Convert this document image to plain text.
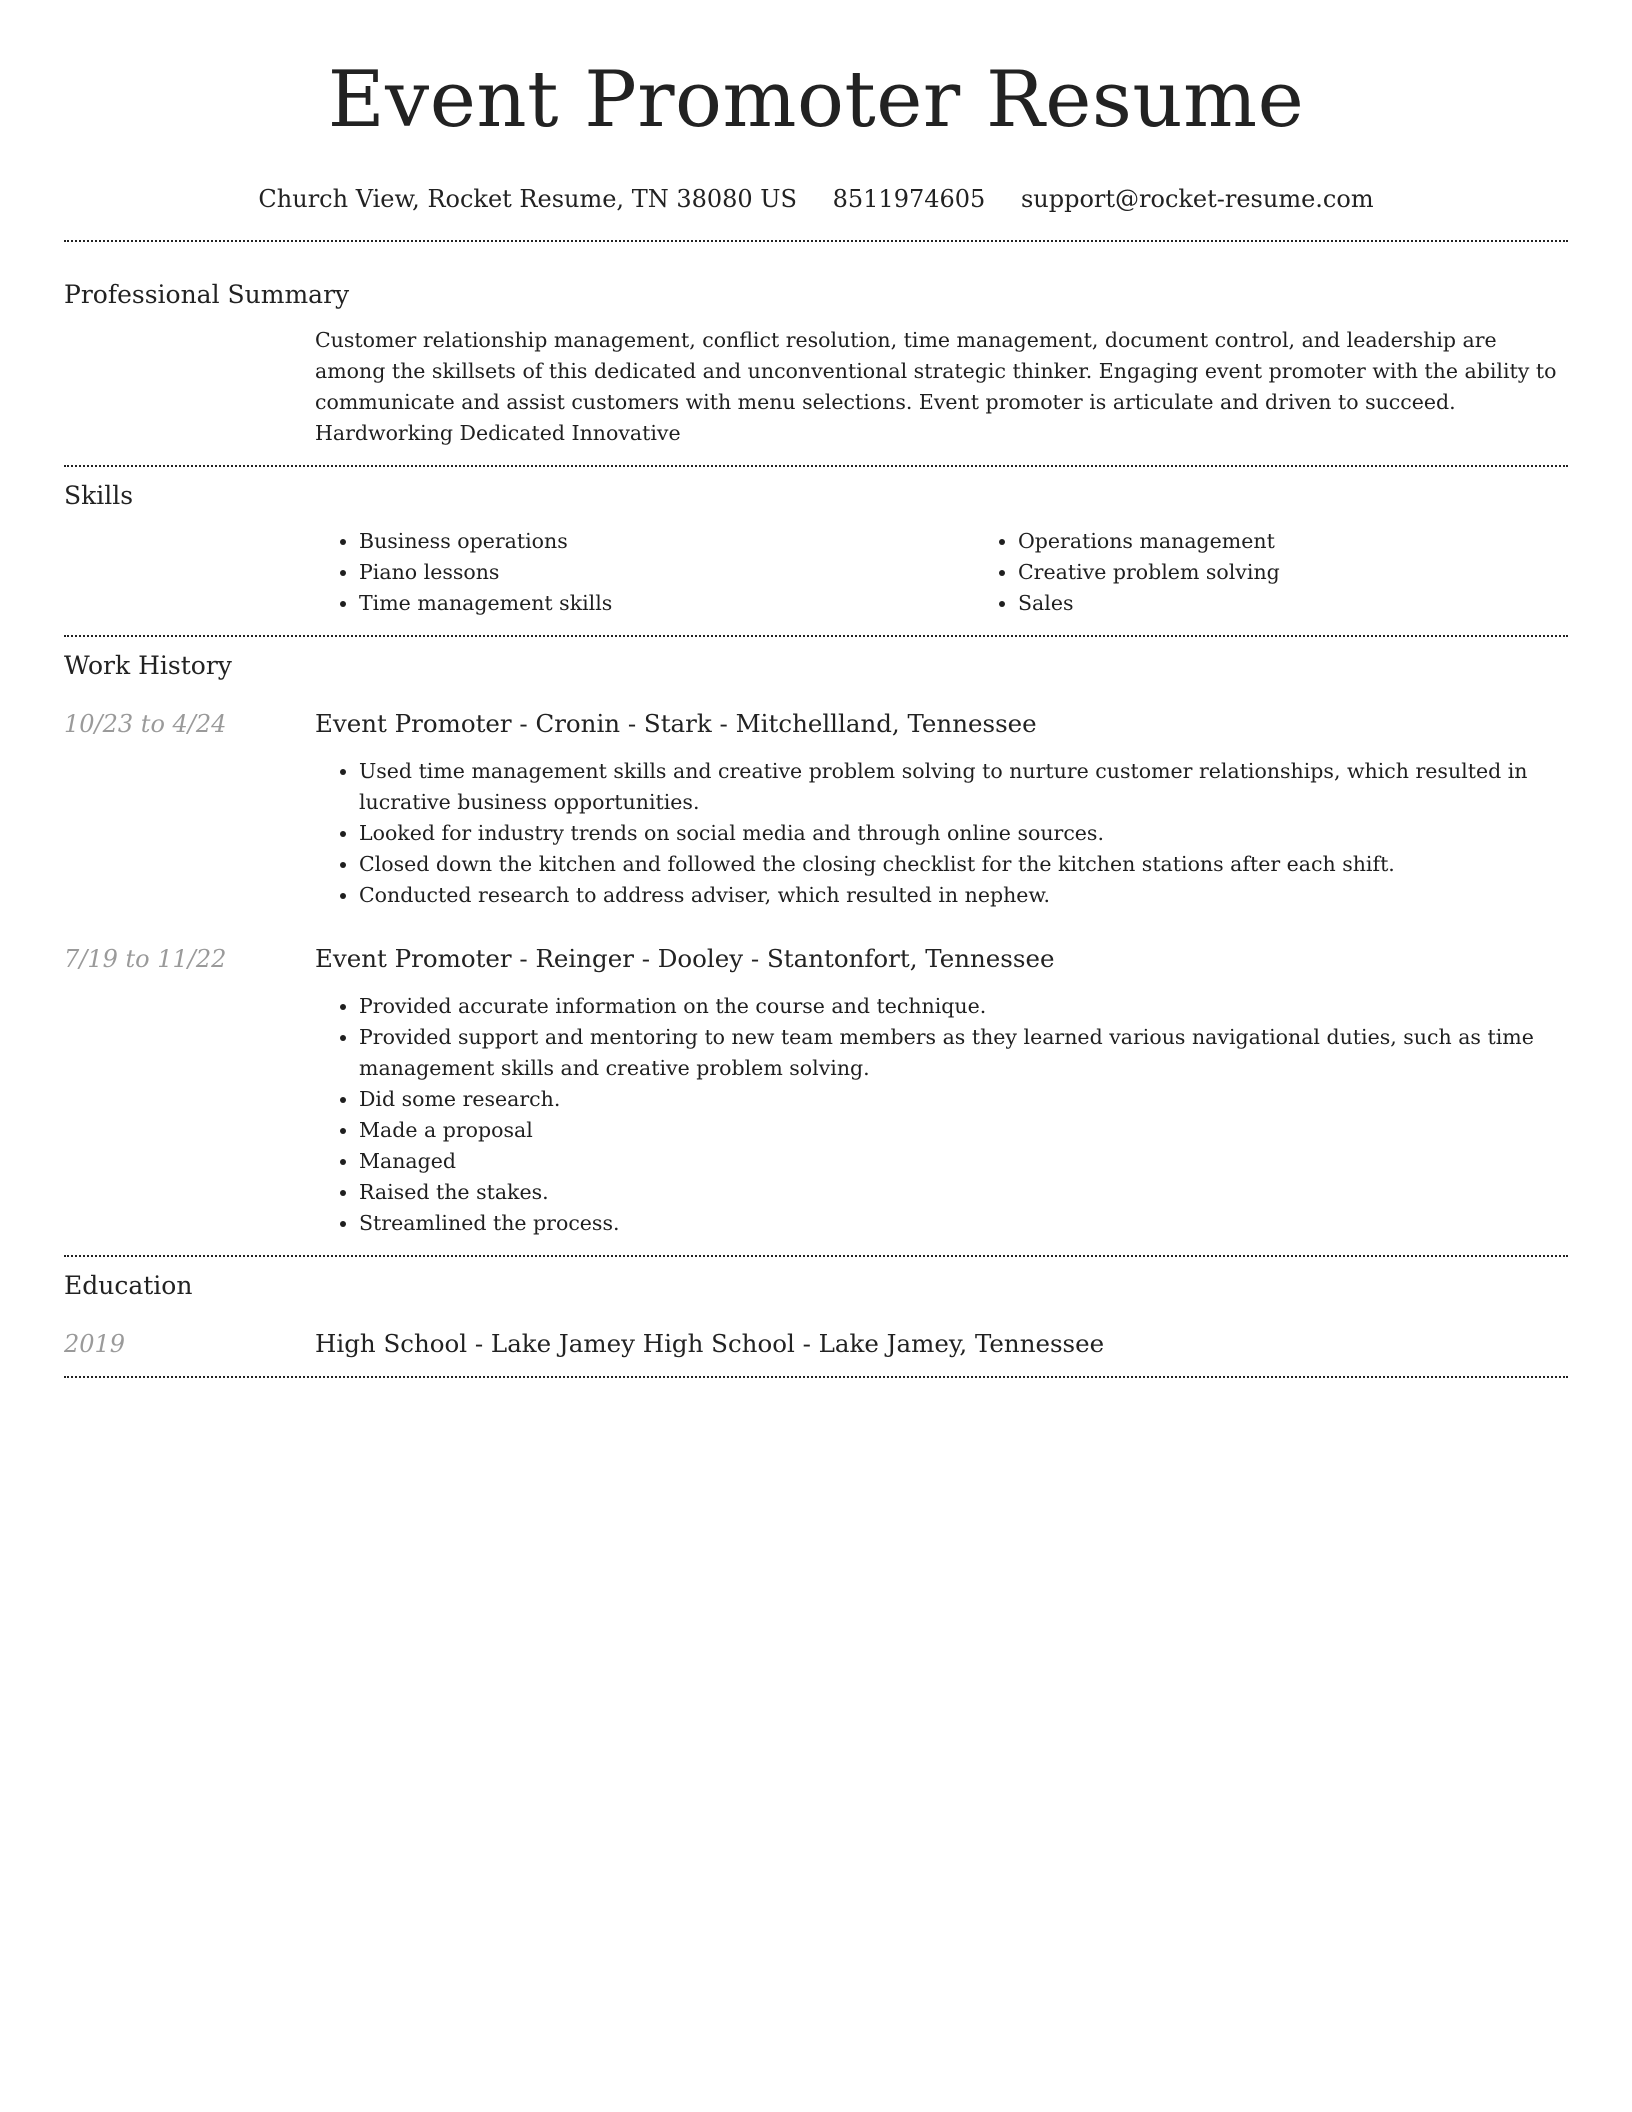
Event Promoter Resume
Church View, Rocket Resume, TN 38080 US 8511974605 support@rocket-resume.com
Professional Summary

Customer relationship management, conflict resolution, time management, document control, and leadership are among the skillsets of this dedicated and unconventional strategic thinker. Engaging event promoter with the ability to communicate and assist customers with menu selections. Event promoter is articulate and driven to succeed. Hardworking Dedicated Innovative

Skills
• Business operations
• Piano lessons
• Time management skills
• Operations management
• Creative problem solving
• Sales
Work History
10/23 to 4/24	Event Promoter - Cronin - Stark - Mitchellland, Tennessee
• Used time management skills and creative problem solving to nurture customer relationships, which resulted in lucrative business opportunities.
• Looked for industry trends on social media and through online sources.
• Closed down the kitchen and followed the closing checklist for the kitchen stations after each shift.
• Conducted research to address adviser, which resulted in nephew.
7/19 to 11/22	Event Promoter - Reinger - Dooley - Stantonfort, Tennessee
• Provided accurate information on the course and technique.
• Provided support and mentoring to new team members as they learned various navigational duties, such as time management skills and creative problem solving.
• Did some research.
• Made a proposal
• Managed
• Raised the stakes.
• Streamlined the process.
Education
2019	High School - Lake Jamey High School - Lake Jamey, Tennessee
